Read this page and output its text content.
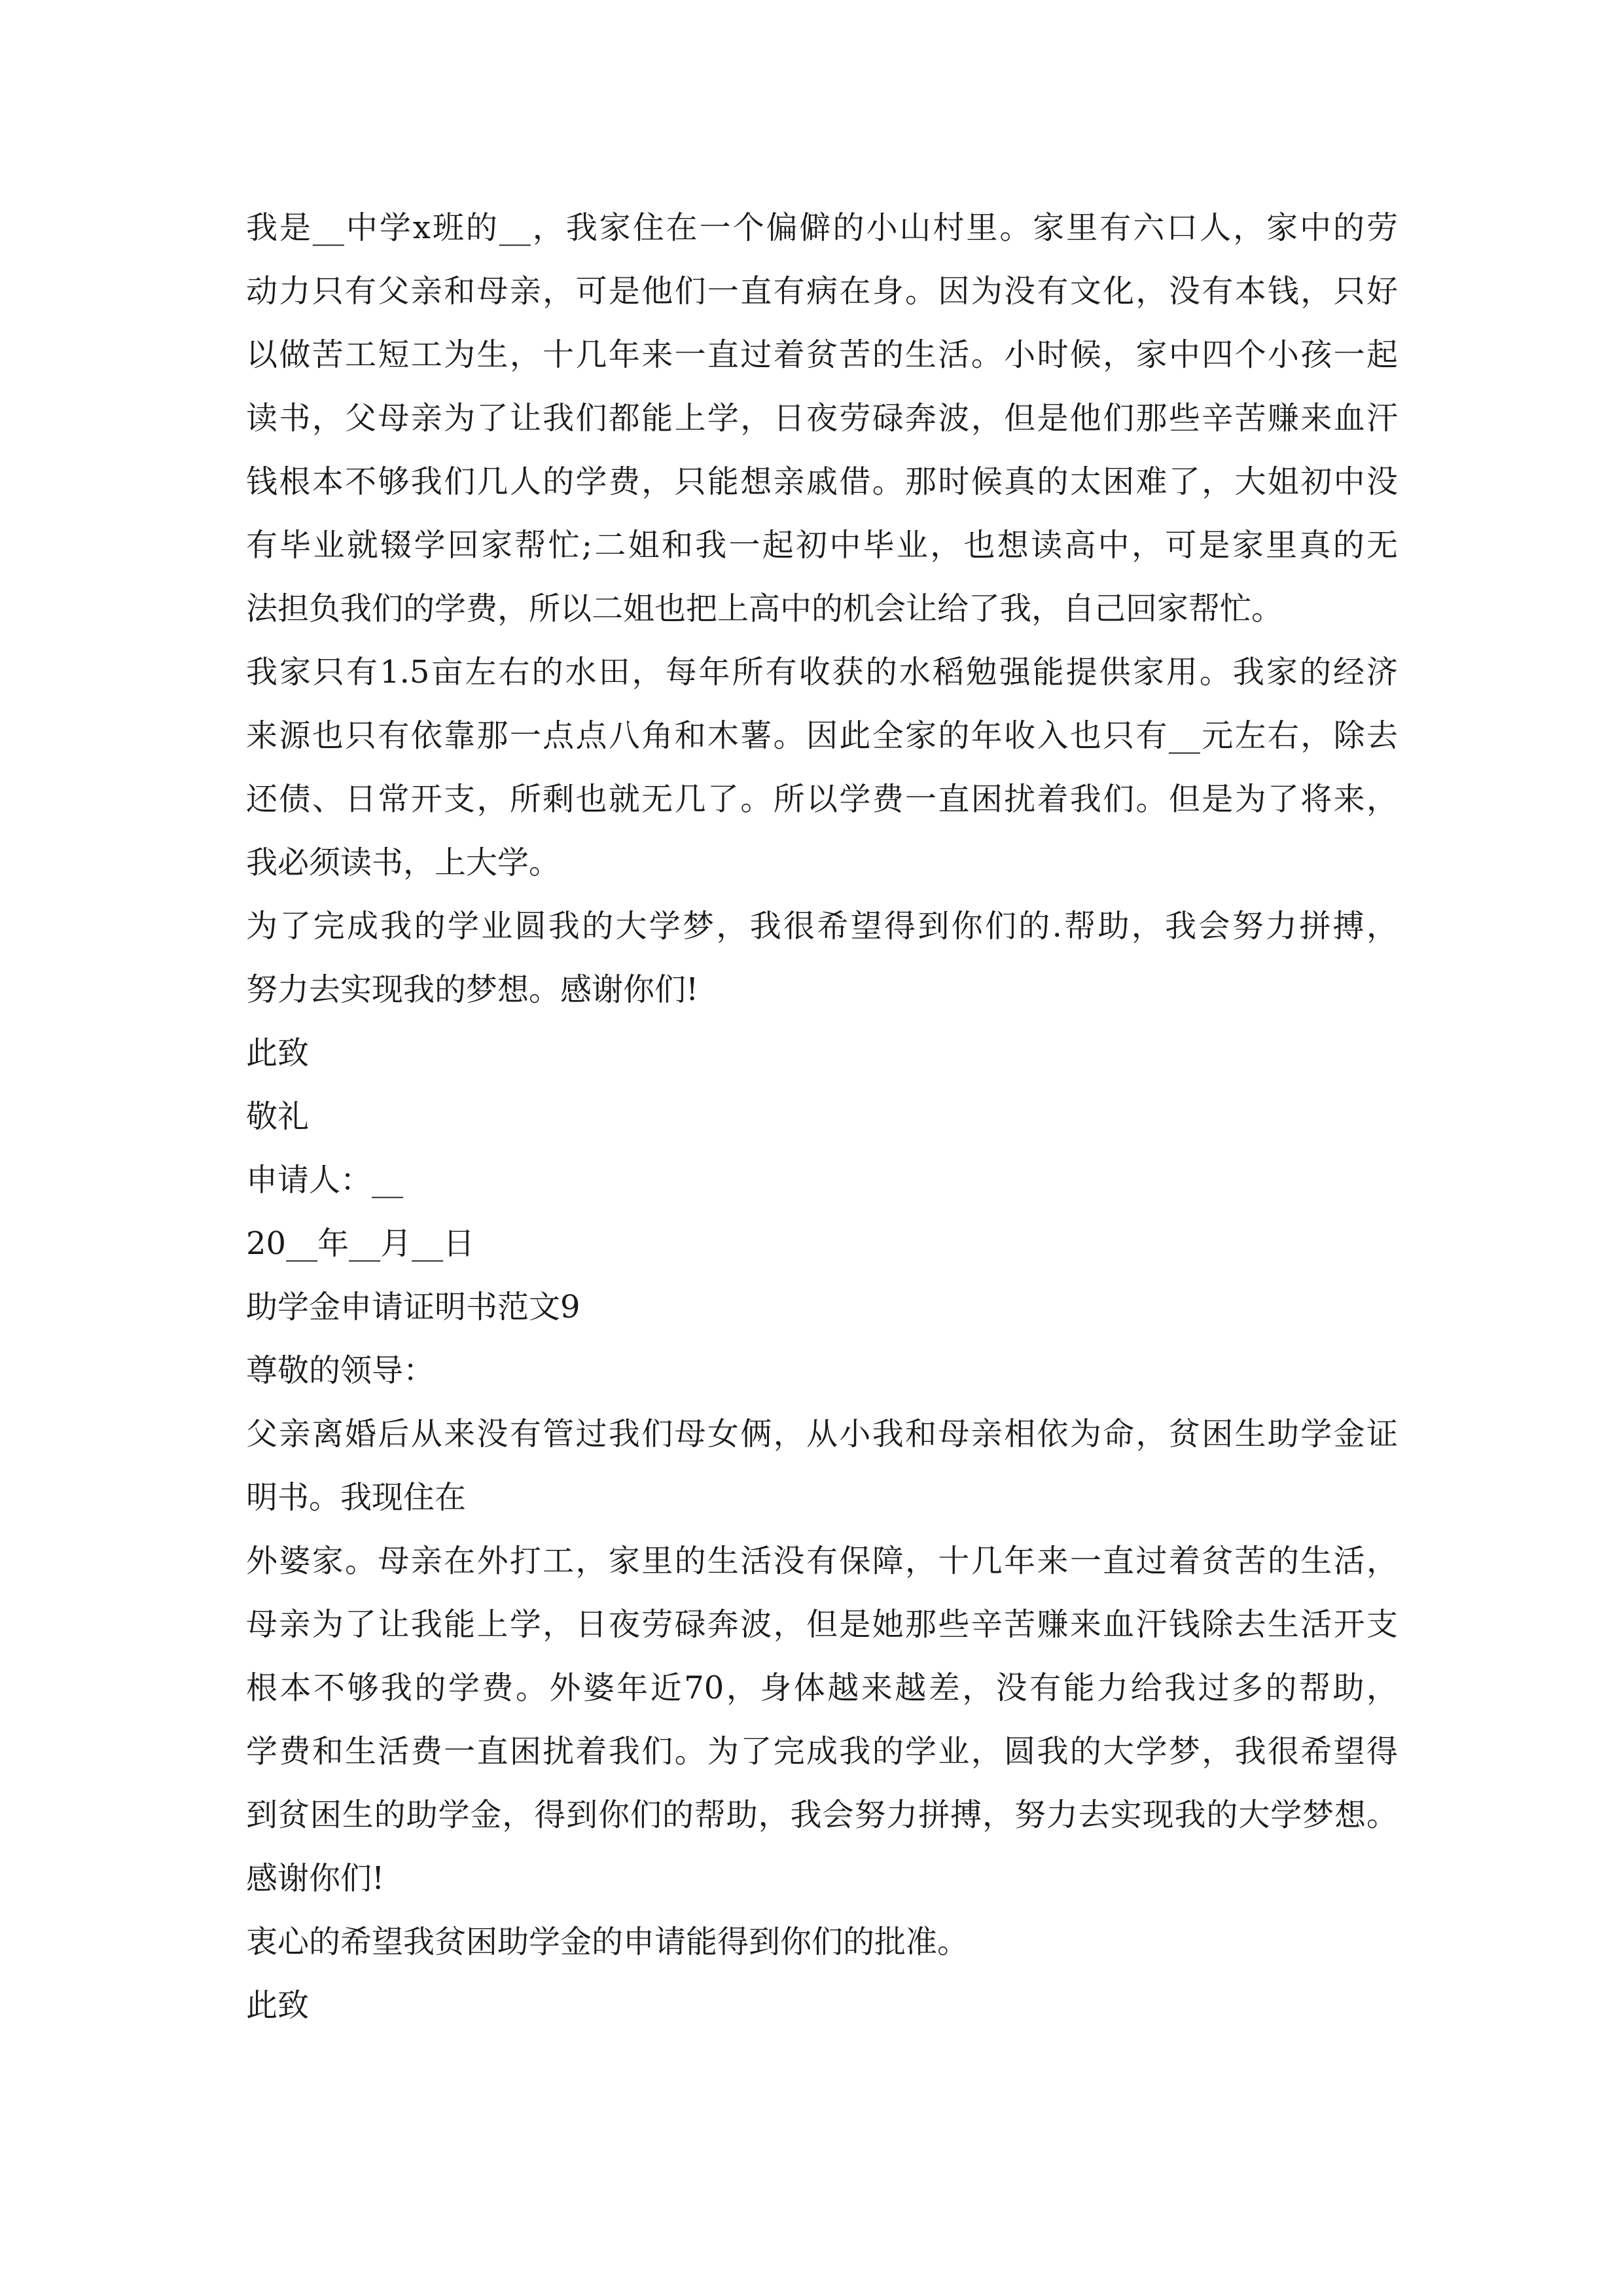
我是__中学x班的__，我家住在一个偏僻的小山村里。家里有六口人，家中的劳
动力只有父亲和母亲，可是他们一直有病在身。因为没有文化，没有本钱，只好
以做苦工短工为生，十几年来一直过着贫苦的生活。小时候，家中四个小孩一起
读书，父母亲为了让我们都能上学，日夜劳碌奔波，但是他们那些辛苦赚来血汗
钱根本不够我们几人的学费，只能想亲戚借。那时候真的太困难了，大姐初中没
有毕业就辍学回家帮忙;二姐和我一起初中毕业，也想读高中，可是家里真的无
法担负我们的学费，所以二姐也把上高中的机会让给了我，自己回家帮忙。
我家只有1.5亩左右的水田，每年所有收获的水稻勉强能提供家用。我家的经济
来源也只有依靠那一点点八角和木薯。因此全家的年收入也只有__元左右，除去
还债、日常开支，所剩也就无几了。所以学费一直困扰着我们。但是为了将来，
我必须读书，上大学。
为了完成我的学业圆我的大学梦，我很希望得到你们的.帮助，我会努力拼搏，
努力去实现我的梦想。感谢你们!
此致
敬礼
申请人：__
20__年__月__日
助学金申请证明书范文9
尊敬的领导：
父亲离婚后从来没有管过我们母女俩，从小我和母亲相依为命，贫困生助学金证
明书。我现住在
外婆家。母亲在外打工，家里的生活没有保障，十几年来一直过着贫苦的生活，
母亲为了让我能上学，日夜劳碌奔波，但是她那些辛苦赚来血汗钱除去生活开支
根本不够我的学费。外婆年近70，身体越来越差，没有能力给我过多的帮助，
学费和生活费一直困扰着我们。为了完成我的学业，圆我的大学梦，我很希望得
到贫困生的助学金，得到你们的帮助，我会努力拼搏，努力去实现我的大学梦想。
感谢你们!
衷心的希望我贫困助学金的申请能得到你们的批准。
此致
